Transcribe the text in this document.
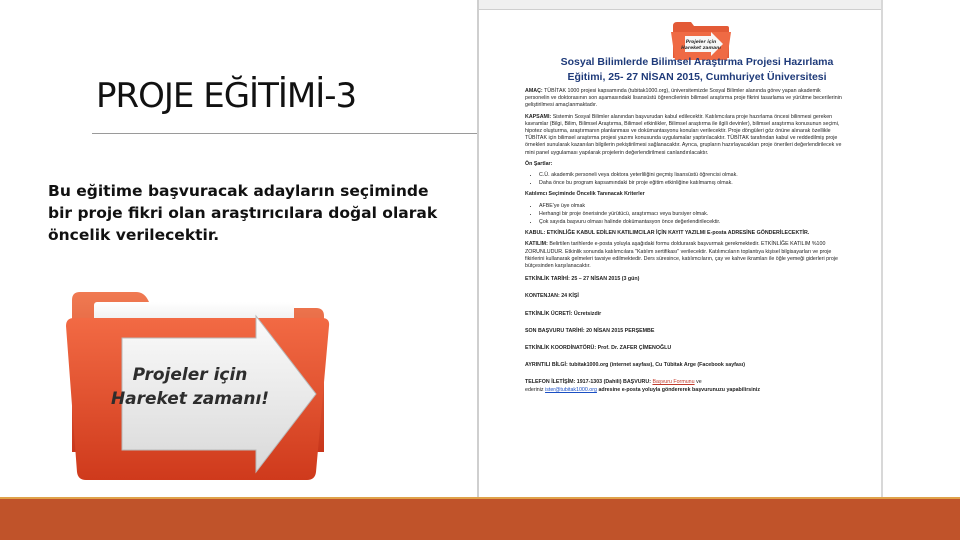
PROJE EĞİTİMİ-3

Bu eğitime başvuracak adayların seçiminde bir proje fikri olan araştırıcılara doğal olarak öncelik verilecektir.

Projeler için
Hareket zamanı!
Projeler için
Hareket zamanı

Sosyal Bilimlerde Bilimsel Araştırma Projesi Hazırlama
Eğitimi, 25- 27 NİSAN 2015, Cumhuriyet Üniversitesi

AMAÇ: TÜBİTAK 1000 projesi kapsamında (tubitak1000.org), üniversitemizde Sosyal Bilimler alanında görev yapan akademik personelin ve doktorasının son aşamasındaki lisansüstü öğrencilerinin bilimsel araştırma proje fikrini tasarlama ve yürütme becerilerinin geliştirilmesi amaçlanmaktadır.

KAPSAMI: Sistemin Sosyal Bilimler alanından başvurudan kabul edilecektir. Katılımcılara proje hazırlama öncesi bilinmesi gereken kavramlar (Bilgi, Bilim, Bilimsel Araştırma, Bilimsel etkinlikler, Bilimsel araştırma ile ilgili devinler), bilimsel araştırma konusunun seçimi, hipotez oluşturma, araştırmanın planlanması ve dokümantasyonu konuları verilecektir. Proje döngüleri göz önüne alınarak özellikle TÜBİTAK için bilimsel araştırma projesi yazımı konusunda uygulamalar yaptırılacaktır. TÜBİTAK tarafından kabul ve reddedilmiş proje örnekleri sunularak kazanılan bilgilerin pekiştirilmesi sağlanacaktır. Ayrıca, grupların hazırlayacakları proje önerileri değerlendirilecek ve mini panel uygulaması yapılarak projelerin değerlendirilmesi canlandırılacaktır.

Ön Şartlar:
• C.Ü. akademik personeli veya doktora yeterliliğini geçmiş lisansüstü öğrencisi olmak.
• Daha önce bu program kapsamındaki bir proje eğitim etkinliğine katılmamış olmak.
Katılımcı Seçiminde Öncelik Tanınacak Kriterler
• AFBE'ye üye olmak
• Herhangi bir proje önerisinde yürütücü, araştırmacı veya bursiyer olmak.
• Çok sayıda başvuru olması halinde dokümantasyon önce değerlendirilecektir.

KABUL: ETKİNLİĞE KABUL EDİLEN KATILIMCILAR İÇİN KAYIT YAZILMI E-posta ADRESİNE GÖNDERİLECEKTİR.

KATILIM: Belirtilen tarihlerde e-posta yoluyla aşağıdaki formu doldurarak başvurmak gerekmektedir. ETKİNLİĞE KATILIM %100 ZORUNLUDUR. Etkinlik sonunda katılımcılara "Katılım sertifikası" verilecektir. Katılımcıların toplantıya kişisel bilgisayarları ve proje fikirlerini kullanarak gelmeleri tavsiye edilmektedir. Ders süresince, katılımcıların, çay ve kahve ikramları ile öğle yemeği giderleri proje bütçesinden karşılanacaktır.

ETKİNLİK TARİHİ: 25 – 27 NİSAN 2015 (3 gün)

KONTENJAN: 24 KİŞİ

ETKİNLİK ÜCRETİ: Ücretsizdir

SON BAŞVURU TARİHİ: 20 NİSAN 2015 PERŞEMBE

ETKİNLİK KOORDİNATÖRÜ: Prof. Dr. ZAFER ÇİMENOĞLU

AYRINTILI BİLGİ: tubitak1000.org (internet sayfası), Cu Tübitak Arge (Facebook sayfası)

TELEFON İLETİŞİM: 1917-1303 (Dahili) BAŞVURU: Başvuru Formunu ve
ederiniz ister@tubitak1000.org adresine e-posta yoluyla göndererek başvurunuzu yapabilirsiniz
